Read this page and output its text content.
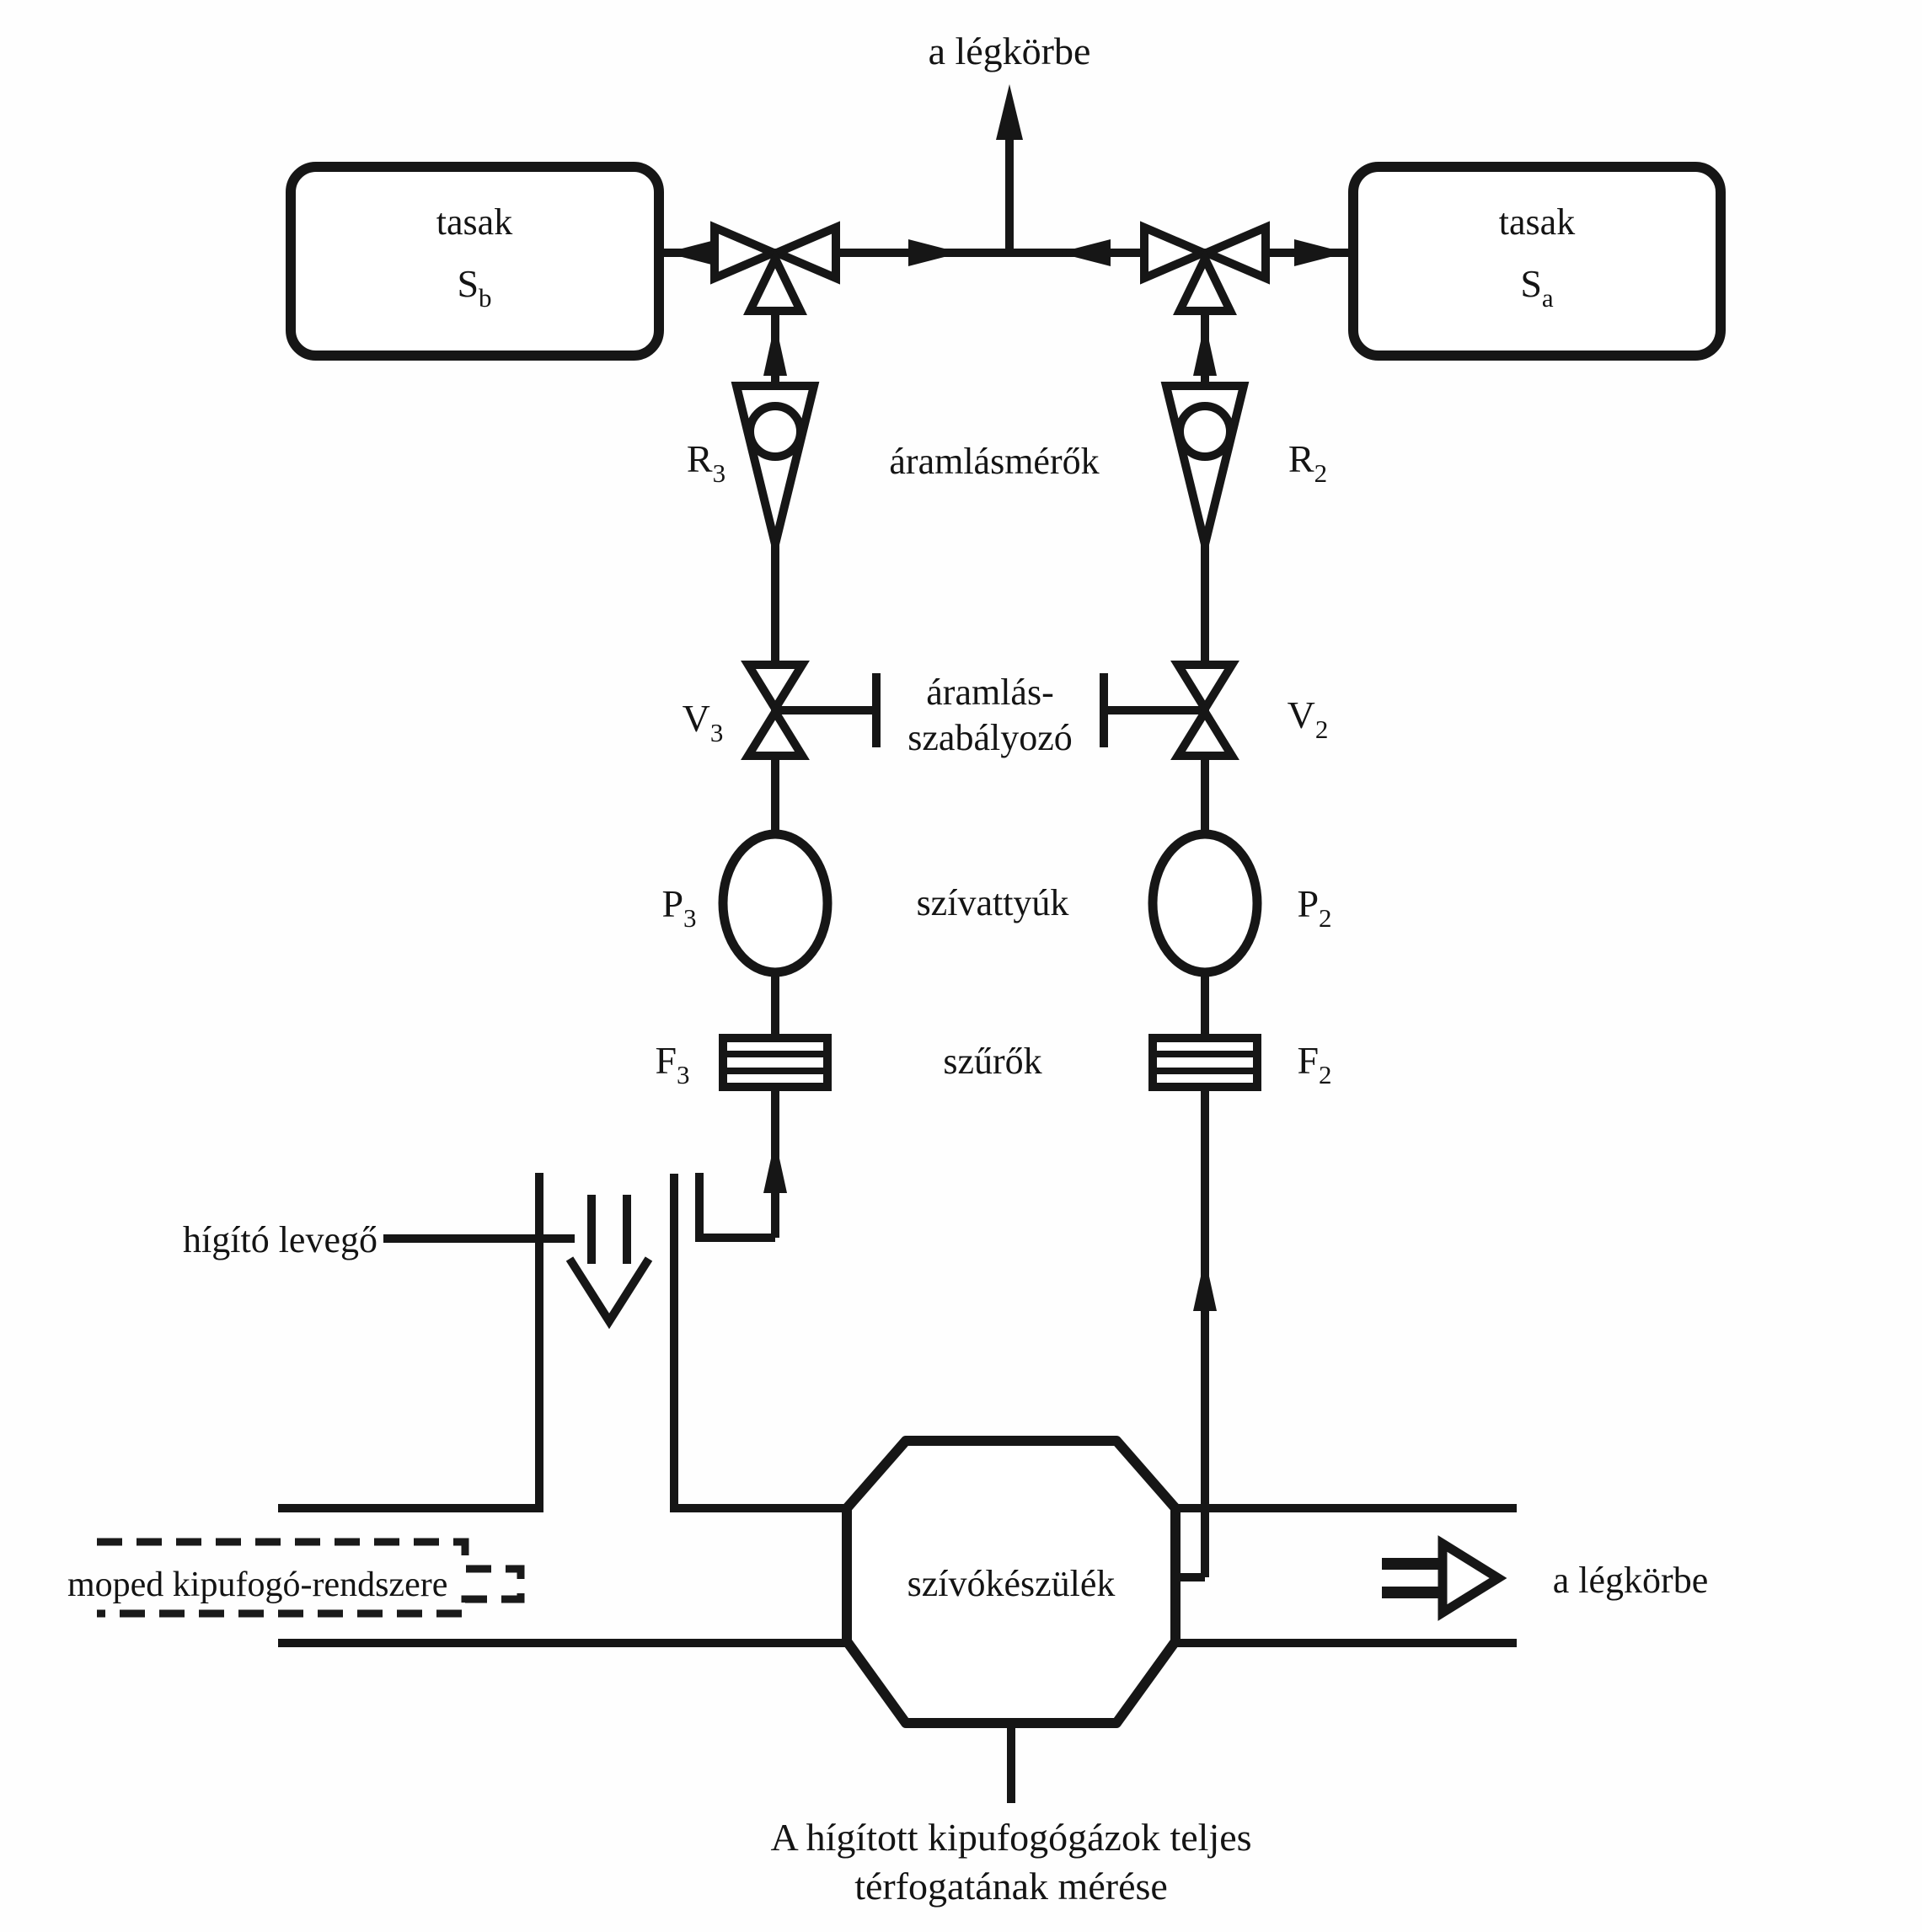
a légkörbe
tasak
$S_b$
tasak
$S_a$
$R_3$	áramlásmérők	$R_2$
$V_3$
áramlás-
szabályozó
$V_2$
$P_3$	szívattyúk	$P_2$
$F_3$	szűrők	$F_2$
hígító levegő
moped kipufogó-rendszere	szívókészülék	a légkörbe
A hígított kipufogógázok teljes
térfogatának mérése
